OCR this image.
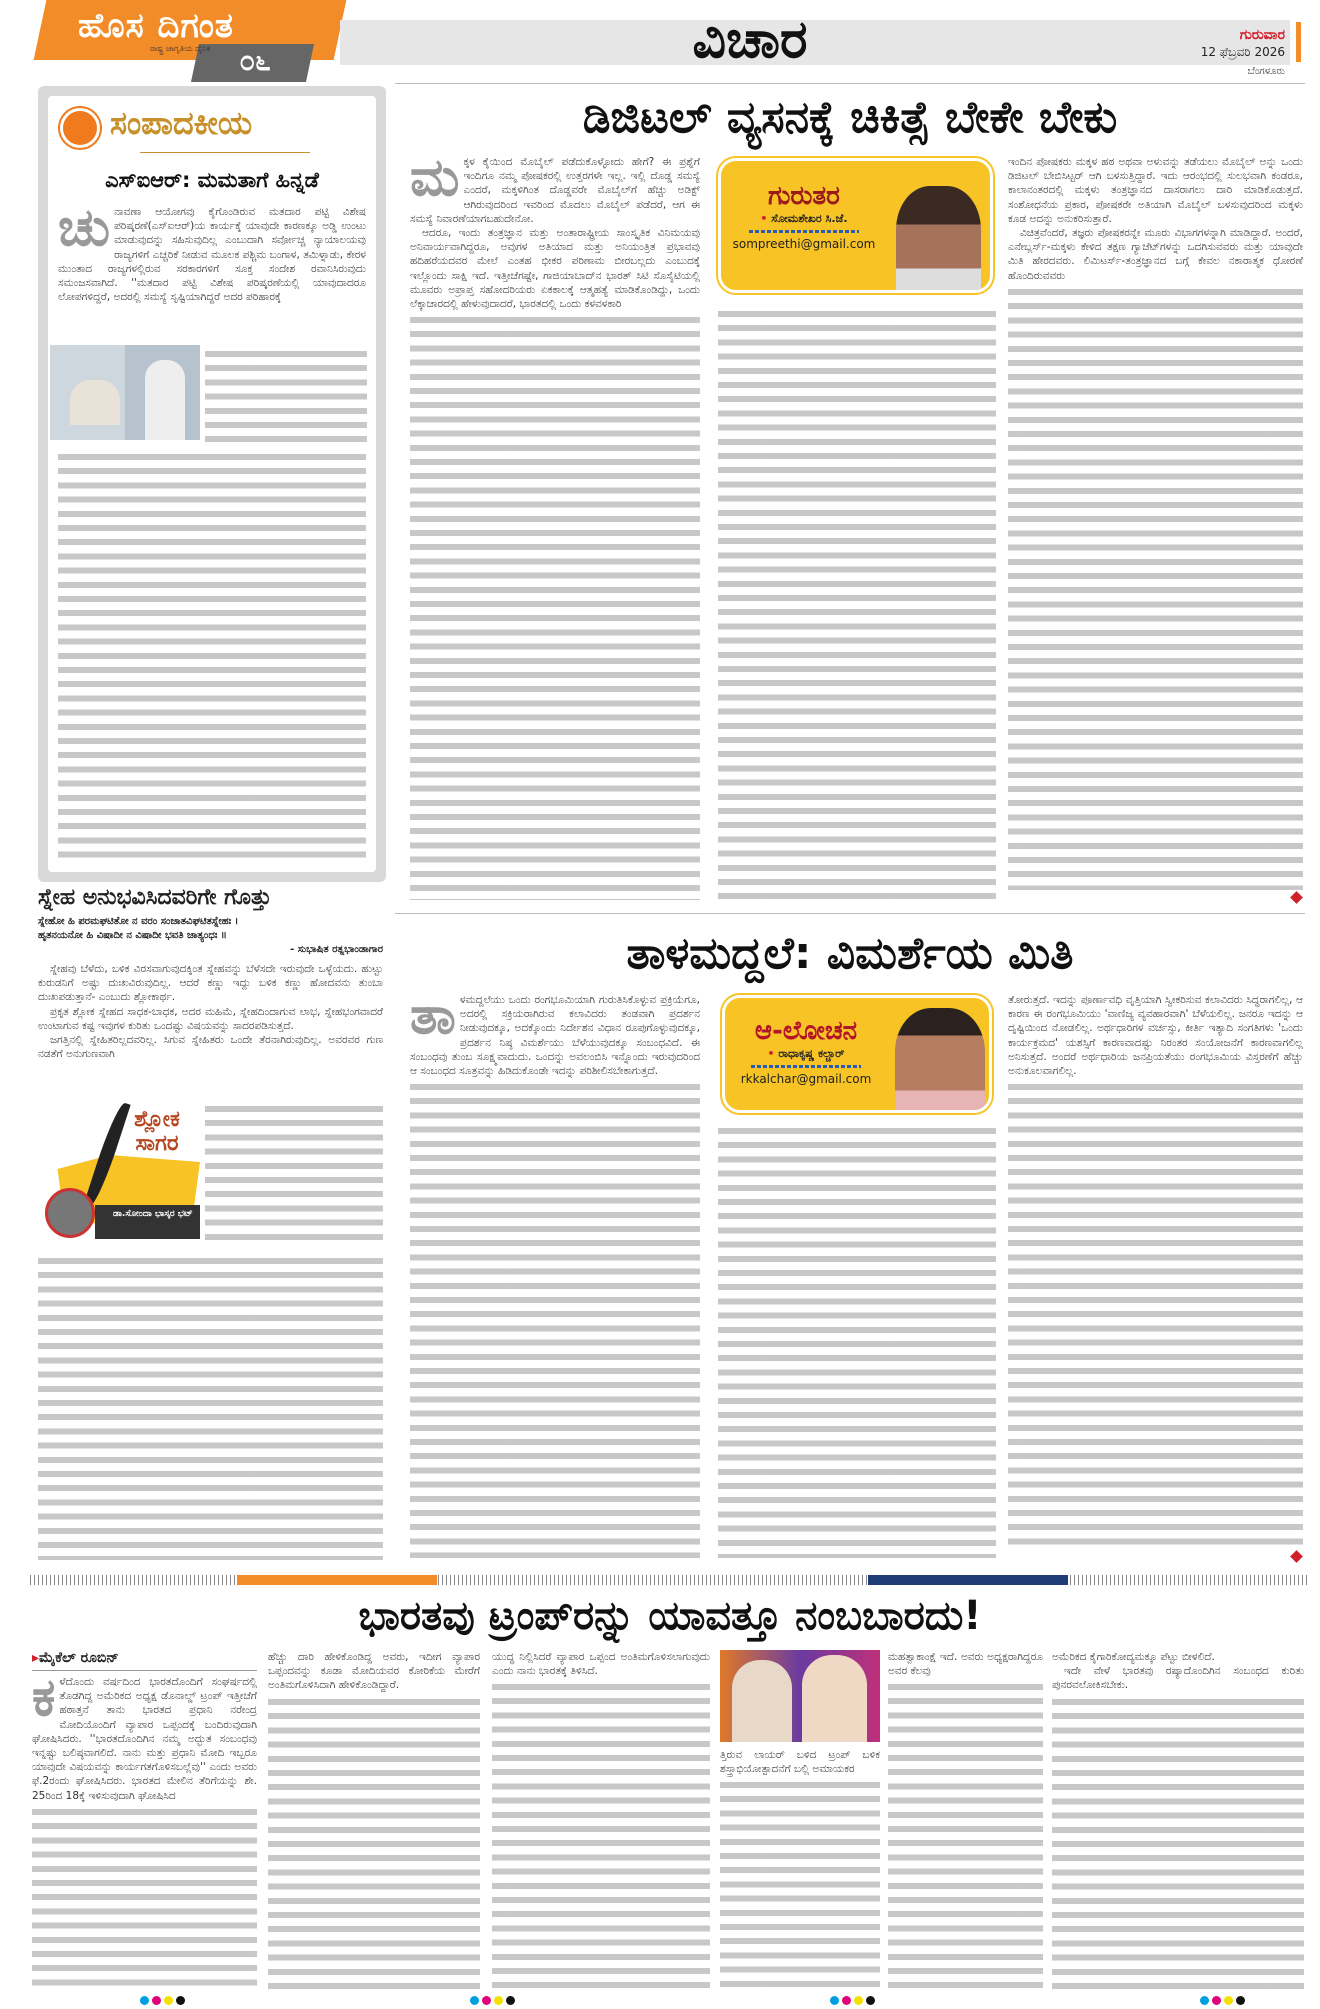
ಹೊಸ ದಿಗಂತ
ರಾಷ್ಟ್ರ ಜಾಗೃತಿಯ ದೈನಿಕ	೦೬	ವಿಚಾರ	ಗುರುವಾರ
12 ಫೆಬ್ರವರಿ 2026
ಬೆಂಗಳೂರು
ಸಂಪಾದಕೀಯ
ಎಸ್‌ಐಆರ್: ಮಮತಾಗೆ ಹಿನ್ನಡೆ

ಚುನಾವಣಾ ಆಯೋಗವು ಕೈಗೊಂಡಿರುವ ಮತದಾರ ಪಟ್ಟಿ ವಿಶೇಷ ಪರಿಷ್ಕರಣೆ(ಎಸ್‌ಐಆರ್)ಯ ಕಾರ್ಯಕ್ಕೆ ಯಾವುದೇ ಕಾರಣಕ್ಕೂ ಅಡ್ಡಿ ಉಂಟು ಮಾಡುವುದನ್ನು ಸಹಿಸುವುದಿಲ್ಲ ಎಂಬುದಾಗಿ ಸರ್ವೋಚ್ಚ ನ್ಯಾಯಾಲಯವು ರಾಜ್ಯಗಳಿಗೆ ಎಚ್ಚರಿಕೆ ನೀಡುವ ಮೂಲಕ ಪಶ್ಚಿಮ ಬಂಗಾಳ, ತಮಿಳ್ನಾಡು, ಕೇರಳ ಮುಂತಾದ ರಾಜ್ಯಗಳಲ್ಲಿರುವ ಸರಕಾರಗಳಿಗೆ ಸೂಕ್ತ ಸಂದೇಶ ರವಾನಿಸಿರುವುದು ಸಮಂಜಸವಾಗಿದೆ. ''ಮತದಾರ ಪಟ್ಟಿ ವಿಶೇಷ ಪರಿಷ್ಕರಣೆಯಲ್ಲಿ ಯಾವುದಾದರೂ ಲೋಪಗಳಿದ್ದರೆ, ಅದರಲ್ಲಿ ಸಮಸ್ಯೆ ಸೃಷ್ಟಿಯಾಗಿದ್ದರೆ ಅದರ ಪರಿಹಾರಕ್ಕೆ

ಸ್ನೇಹ ಅನುಭವಿಸಿದವರಿಗೇ ಗೊತ್ತು
ಸ್ನೇಹೋ ಹಿ ಪರಮಘಟಿತೋ ನ ವರಂ ಸಂಜಾತವಿಘಟಿತಸ್ನೇಹಃ ।
ಹೃತನಯನೋ ಹಿ ವಿಷಾದೀ ನ ವಿಷಾದೀ ಭವತಿ ಜಾತ್ಯಂಧಃ ॥
- ಸುಭಾಷಿತ ರತ್ನಭಾಂಡಾಗಾರ

ಸ್ನೇಹವು ಬೆಳೆದು, ಬಳಿಕ ವಿರಸವಾಗುವುದಕ್ಕಿಂತ ಸ್ನೇಹವನ್ನು ಬೆಳೆಸದೇ ಇರುವುದೇ ಒಳ್ಳೆಯದು. ಹುಟ್ಟು ಕುರುಡನಿಗೆ ಅಷ್ಟು ದುಃಖವಿರುವುದಿಲ್ಲ. ಆದರೆ ಕಣ್ಣು ಇದ್ದು ಬಳಿಕ ಕಣ್ಣು ಹೋದವನು ತುಂಬಾ ದುಃಖಪಡುತ್ತಾನೆ- ಎಂಬುದು ಶ್ಲೋಕಾರ್ಥ.

ಪ್ರಕೃತ ಶ್ಲೋಕ ಸ್ನೇಹದ ಸಾಧಕ-ಬಾಧಕ, ಅದರ ಮಹಿಮೆ, ಸ್ನೇಹದಿಂದಾಗುವ ಲಾಭ, ಸ್ನೇಹಭಂಗವಾದರೆ ಉಂಟಾಗುವ ಕಷ್ಟ ಇವುಗಳ ಕುರಿತು ಒಂದಷ್ಟು ವಿಷಯವನ್ನು ಸಾದರಪಡಿಸುತ್ತದೆ.

ಜಗತ್ತಿನಲ್ಲಿ ಸ್ನೇಹಿತರಿಲ್ಲದವರಿಲ್ಲ. ಸಿಗುವ ಸ್ನೇಹಿತರು ಒಂದೇ ತೆರನಾಗಿರುವುದಿಲ್ಲ. ಅವರವರ ಗುಣ ನಡತೆಗೆ ಅನುಗುಣವಾಗಿ

ಶ್ಲೋಕ ಸಾಗರ
ಡಾ.ಸೋಂದಾ ಭಾಸ್ಕರ ಭಟ್
ಡಿಜಿಟಲ್ ವ್ಯಸನಕ್ಕೆ ಚಿಕಿತ್ಸೆ ಬೇಕೇ ಬೇಕು

ಮಕ್ಕಳ ಕೈಯಿಂದ ಮೊಬೈಲ್ ಪಡೆದುಕೊಳ್ಳೋದು ಹೇಗೆ? ಈ ಪ್ರಶ್ನೆಗೆ ಇಂದಿಗೂ ನಮ್ಮ ಪೋಷಕರಲ್ಲಿ ಉತ್ತರಗಳೇ ಇಲ್ಲ. ಇಲ್ಲಿ ದೊಡ್ಡ ಸಮಸ್ಯೆ ಎಂದರೆ, ಮಕ್ಕಳಿಗಿಂತ ದೊಡ್ಡವರೇ ಮೊಬೈಲ್‌ಗೆ ಹೆಚ್ಚು ಅಡಿಕ್ಟ್ ಆಗಿರುವುದರಿಂದ ಇವರಿಂದ ಮೊದಲು ಮೊಬೈಲ್ ಪಡೆದರೆ, ಆಗ ಈ ಸಮಸ್ಯೆ ನಿವಾರಣೆಯಾಗಬಹುದೇನೋ.

ಆದರೂ, ಇಂದು ತಂತ್ರಜ್ಞಾನ ಮತ್ತು ಅಂತಾರಾಷ್ಟ್ರೀಯ ಸಾಂಸ್ಕೃತಿಕ ವಿನಿಮಯವು ಅನಿವಾರ್ಯವಾಗಿದ್ದರೂ, ಅವುಗಳ ಅತಿಯಾದ ಮತ್ತು ಅನಿಯಂತ್ರಿತ ಪ್ರಭಾವವು ಹದಿಹರೆಯದವರ ಮೇಲೆ ಎಂತಹ ಭೀಕರ ಪರಿಣಾಮ ಬೀರಬಲ್ಲದು ಎಂಬುದಕ್ಕೆ ಇಲ್ಲೊಂದು ಸಾಕ್ಷಿ ಇದೆ. ಇತ್ತೀಚೆಗಷ್ಟೇ, ಗಾಜಿಯಾಬಾದ್‌ನ ಭಾರತ್ ಸಿಟಿ ಸೊಸೈಟಿಯಲ್ಲಿ ಮೂವರು ಅಪ್ರಾಪ್ತ ಸಹೋದರಿಯರು ಏಕಕಾಲಕ್ಕೆ ಆತ್ಮಹತ್ಯೆ ಮಾಡಿಕೊಂಡಿದ್ದು, ಒಂದು ಲೆಕ್ಕಾಚಾರದಲ್ಲಿ ಹೇಳುವುದಾದರೆ, ಭಾರತದಲ್ಲಿ ಒಂದು ಕಳವಳಕಾರಿ

ಗುರುತರ
• ಸೋಮಶೇಖರ ಸಿ.ಜೆ.
sompreethi@gmail.com

ಇಂದಿನ ಪೋಷಕರು ಮಕ್ಕಳ ಹಠ ಅಥವಾ ಅಳುವನ್ನು ತಡೆಯಲು ಮೊಬೈಲ್ ಅನ್ನು ಒಂದು ಡಿಜಿಟಲ್ ಬೇಬಿಸಿಟ್ಟರ್ ಆಗಿ ಬಳಸುತ್ತಿದ್ದಾರೆ. ಇದು ಆರಂಭದಲ್ಲಿ ಸುಲಭವಾಗಿ ಕಂಡರೂ, ಕಾಲಾನಂತರದಲ್ಲಿ ಮಕ್ಕಳು ತಂತ್ರಜ್ಞಾನದ ದಾಸರಾಗಲು ದಾರಿ ಮಾಡಿಕೊಡುತ್ತದೆ. ಸಂಶೋಧನೆಯ ಪ್ರಕಾರ, ಪೋಷಕರೇ ಅತಿಯಾಗಿ ಮೊಬೈಲ್ ಬಳಸುವುದರಿಂದ ಮಕ್ಕಳು ಕೂಡ ಅದನ್ನು ಅನುಕರಿಸುತ್ತಾರೆ.

ವಿಚಿತ್ರವೆಂದರೆ, ತಜ್ಞರು ಪೋಷಕರನ್ನೇ ಮೂರು ವಿಭಾಗಗಳನ್ನಾಗಿ ಮಾಡಿದ್ದಾರೆ. ಅಂದರೆ, ಎನೇಬ್ಲರ್ಸ್-ಮಕ್ಕಳು ಕೇಳಿದ ತಕ್ಷಣ ಗ್ಯಾಜೆಟ್‌ಗಳನ್ನು ಒದಗಿಸುವವರು ಮತ್ತು ಯಾವುದೇ ಮಿತಿ ಹೇರದವರು. ಲಿಮಿಟರ್ಸ್-ತಂತ್ರಜ್ಞಾನದ ಬಗ್ಗೆ ಕೇವಲ ನಕಾರಾತ್ಮಕ ಧೋರಣೆ ಹೊಂದಿರುವವರು

ತಾಳಮದ್ದಲೆ: ವಿಮರ್ಶೆಯ ಮಿತಿ

ತಾಳಮದ್ದಲೆಯು ಒಂದು ರಂಗಭೂಮಿಯಾಗಿ ಗುರುತಿಸಿಕೊಳ್ಳುವ ಪ್ರಕ್ರಿಯೆಗೂ, ಅದರಲ್ಲಿ ಸಕ್ರಿಯರಾಗಿರುವ ಕಲಾವಿದರು ತಂಡವಾಗಿ ಪ್ರದರ್ಶನ ನೀಡುವುದಕ್ಕೂ, ಅದಕ್ಕೊಂದು ನಿರ್ದೇಶನ ವಿಧಾನ ರೂಪುಗೊಳ್ಳುವುದಕ್ಕೂ, ಪ್ರದರ್ಶನ ನಿಷ್ಠ ವಿಮರ್ಶೆಯು ಬೆಳೆಯುವುದಕ್ಕೂ ಸಂಬಂಧವಿದೆ. ಈ ಸಂಬಂಧವು ತುಂಬ ಸೂಕ್ಷ್ಮವಾದುದು. ಒಂದನ್ನು ಅವಲಂಬಿಸಿ ಇನ್ನೊಂದು ಇರುವುದರಿಂದ ಆ ಸಂಬಂಧದ ಸೂತ್ರವನ್ನು ಹಿಡಿದುಕೊಂಡೇ ಇದನ್ನು ಪರಿಶೀಲಿಸಬೇಕಾಗುತ್ತದೆ.

ಆ-ಲೋಚನ
• ರಾಧಾಕೃಷ್ಣ ಕಲ್ಚಾರ್
rkkalchar@gmail.com

ತೋರುತ್ತದೆ. ಇದನ್ನು ಪೂರ್ಣಾವಧಿ ವೃತ್ತಿಯಾಗಿ ಸ್ವೀಕರಿಸುವ ಕಲಾವಿದರು ಸಿದ್ಧರಾಗಲಿಲ್ಲ, ಆ ಕಾರಣ ಈ ರಂಗಭೂಮಿಯು 'ವಾಣಿಜ್ಯ ವ್ಯವಹಾರವಾಗಿ' ಬೆಳೆಯಲಿಲ್ಲ. ಜನರೂ ಇದನ್ನು ಆ ದೃಷ್ಟಿಯಿಂದ ನೋಡಲಿಲ್ಲ. ಅರ್ಥಧಾರಿಗಳ ವರ್ಚಸ್ಸು, ಕೀರ್ತಿ ಇತ್ಯಾದಿ ಸಂಗತಿಗಳು 'ಒಂದು ಕಾರ್ಯಕ್ರಮದ' ಯಶಸ್ಸಿಗೆ ಕಾರಣವಾದಷ್ಟು ನಿರಂತರ ಸಂಯೋಜನೆಗೆ ಕಾರಣವಾಗಲಿಲ್ಲ ಅನಿಸುತ್ತದೆ. ಅಂದರೆ ಅರ್ಥಧಾರಿಯ ಜನಪ್ರಿಯತೆಯು ರಂಗಭೂಮಿಯ ವಿಸ್ತರಣೆಗೆ ಹೆಚ್ಚು ಅನುಕೂಲವಾಗಲಿಲ್ಲ.

ಭಾರತವು ಟ್ರಂಪ್‌ರನ್ನು ಯಾವತ್ತೂ ನಂಬಬಾರದು!
▸ಮೈಕೆಲ್ ರೂಬಿನ್

ಕಳೆದೊಂದು ವರ್ಷದಿಂದ ಭಾರತದೊಂದಿಗೆ ಸಂಘರ್ಷದಲ್ಲಿ ತೊಡಗಿದ್ದ ಅಮೆರಿಕದ ಅಧ್ಯಕ್ಷ ಡೊನಾಲ್ಡ್ ಟ್ರಂಪ್ ಇತ್ತೀಚೆಗೆ ಹಠಾತ್ತನೆ ತಾನು ಭಾರತದ ಪ್ರಧಾನಿ ನರೇಂದ್ರ ಮೋದಿಯೊಂದಿಗೆ ವ್ಯಾಪಾರ ಒಪ್ಪಂದಕ್ಕೆ ಬಂದಿರುವುದಾಗಿ ಘೋಷಿಸಿದರು. ''ಭಾರತದೊಂದಿಗಿನ ನಮ್ಮ ಅದ್ಭುತ ಸಂಬಂಧವು ಇನ್ನಷ್ಟು ಬಲಿಷ್ಠವಾಗಲಿದೆ. ನಾನು ಮತ್ತು ಪ್ರಧಾನಿ ಮೋದಿ ಇಬ್ಬರೂ ಯಾವುದೇ ವಿಷಯವನ್ನು ಕಾರ್ಯಗತಗೊಳಿಸಬಲ್ಲೆವು'' ಎಂದು ಅವರು ಫೆ.2ರಂದು ಘೋಷಿಸಿದರು. ಭಾರತದ ಮೇಲಿನ ತೆರಿಗೆಯನ್ನು ಶೇ. 25ರಿಂದ 18ಕ್ಕೆ ಇಳಿಸುವುದಾಗಿ ಘೋಷಿಸಿದ

ಹೆಚ್ಚು ದಾರಿ ಹೇಳಿಕೊಂಡಿದ್ದ ಅವರು, ಇದೀಗ ವ್ಯಾಪಾರ ಒಪ್ಪಂದವನ್ನು ಕೂಡಾ ಮೋದಿಯವರ ಕೋರಿಕೆಯ ಮೇರೆಗೆ ಅಂತಿಮಗೊಳಿಸಿದಾಗಿ ಹೇಳಿಕೊಂಡಿದ್ದಾರೆ.

ಯುದ್ಧ ನಿಲ್ಲಿಸಿದರೆ ವ್ಯಾಪಾರ ಒಪ್ಪಂದ ಅಂತಿಮಗೊಳಿಸಲಾಗುವುದು ಎಂದು ನಾನು ಭಾರತಕ್ಕೆ ತಿಳಿಸಿದೆ.

ತ್ತಿರುವ ಲಾಯರ್ ಬಳಿದ ಟ್ರಂಪ್ ಬಳಿಕ ಶಸ್ತ್ರಾಭಿಯೋತ್ಪಾದನೆಗೆ ಬಲ್ಲಿ ಅಮಾಯಕರ

ಮಹತ್ವಾಕಾಂಕ್ಷೆ ಇದೆ. ಅವರು ಅಧ್ಯಕ್ಷರಾಗಿದ್ದರೂ ಅವರ ಕೆಲವು

ಅಮೆರಿಕದ ಕೈಗಾರಿಕೋದ್ಯಮಕ್ಕೂ ಪೆಟ್ಟು ಬೀಳಲಿದೆ.

ಇದೇ ವೇಳೆ ಭಾರತವು ರಷ್ಯಾದೊಂದಿಗಿನ ಸಂಬಂಧದ ಕುರಿತು ಪುನರವಲೋಕಿಸಬೇಕು.
